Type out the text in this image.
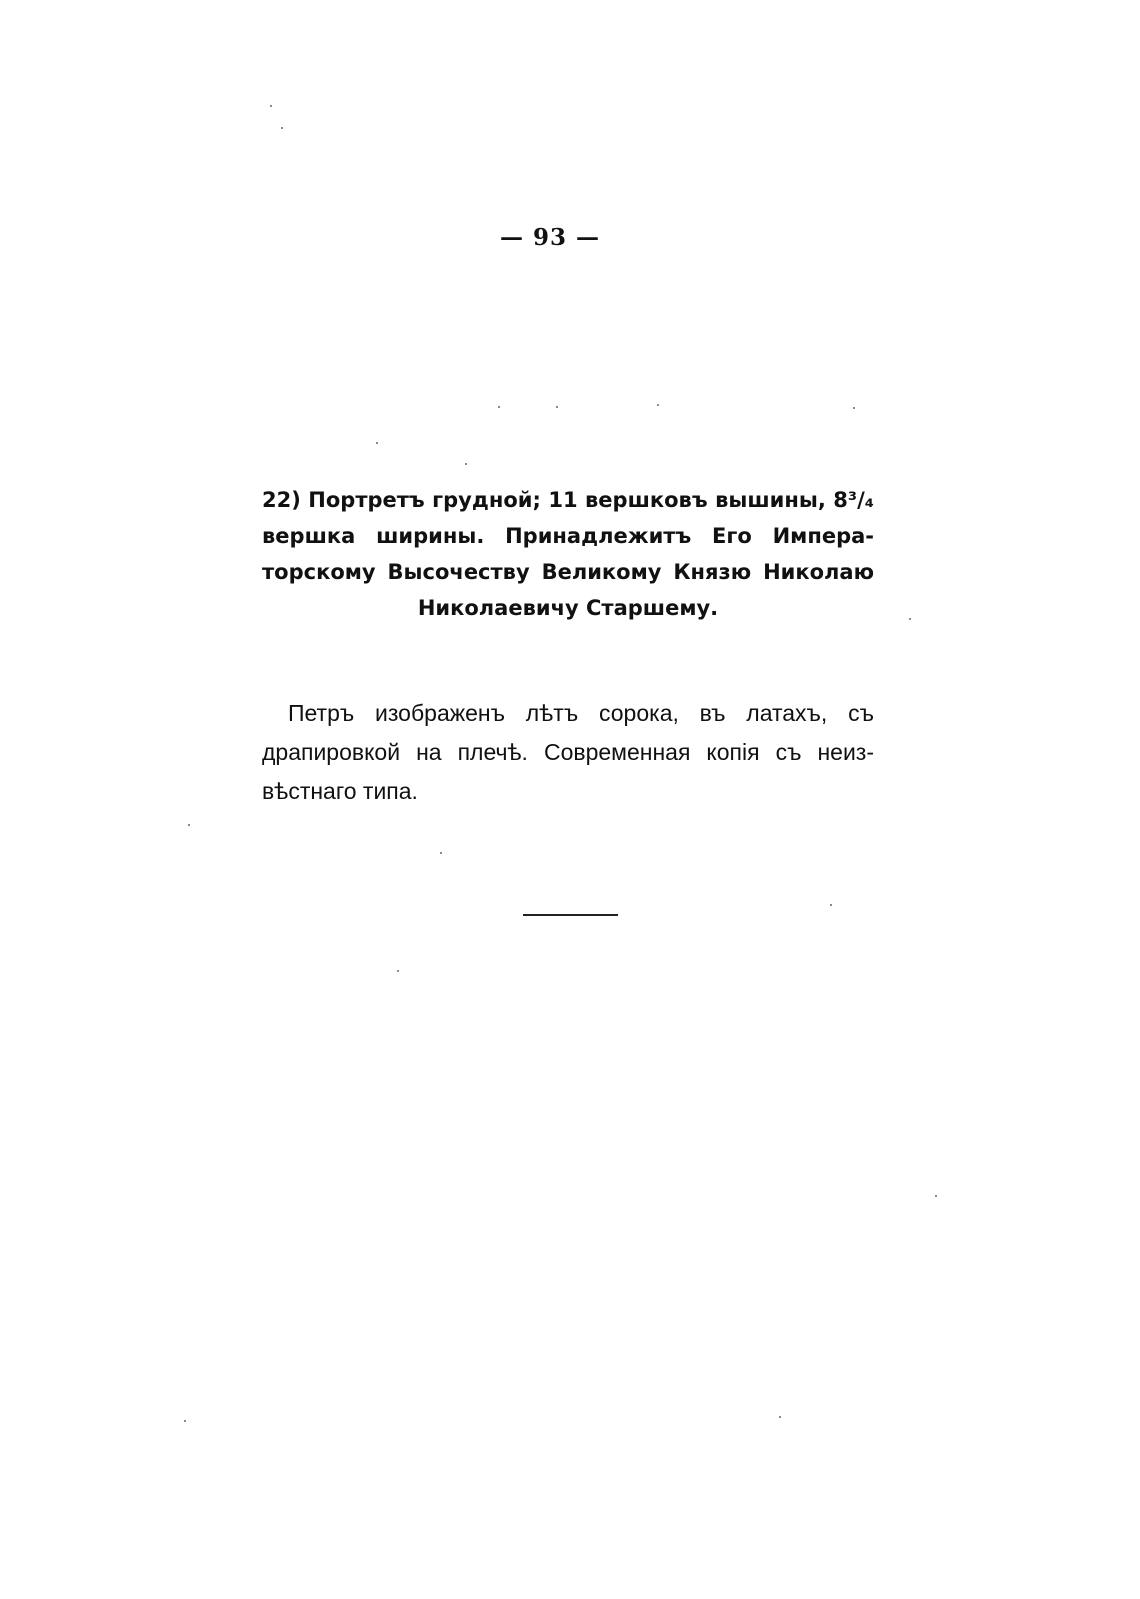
— 93 —
22) Портретъ грудной; 11 вершковъ вышины, 8³/₄
вершка ширины. Принадлежитъ Его Импера-
торскому Высочеству Великому Князю Николаю
Николаевичу Старшему.
Петръ изображенъ лѣтъ сорока, въ латахъ, съ
драпировкой на плечѣ. Современная копія съ неиз-
вѣстнаго типа.
